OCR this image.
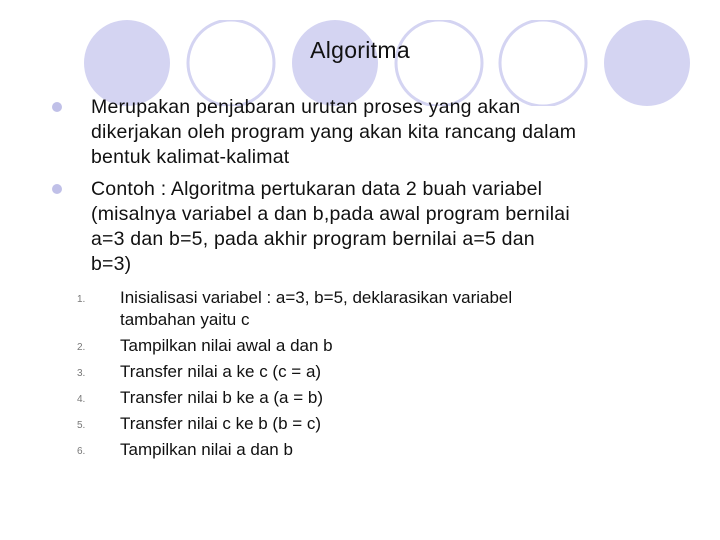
Algoritma
Merupakan penjabaran urutan proses yang akan
dikerjakan oleh program yang akan kita rancang dalam
bentuk kalimat-kalimat
Contoh : Algoritma pertukaran data 2 buah variabel
(misalnya variabel a dan b,pada awal program bernilai
a=3 dan b=5, pada akhir program bernilai a=5 dan
b=3)
1. Inisialisasi variabel : a=3, b=5, deklarasikan variabel
tambahan yaitu c
2. Tampilkan nilai awal a dan b
3. Transfer nilai a ke c (c = a)
4. Transfer nilai b ke a (a = b)
5. Transfer nilai c ke b (b = c)
6. Tampilkan nilai a dan b
